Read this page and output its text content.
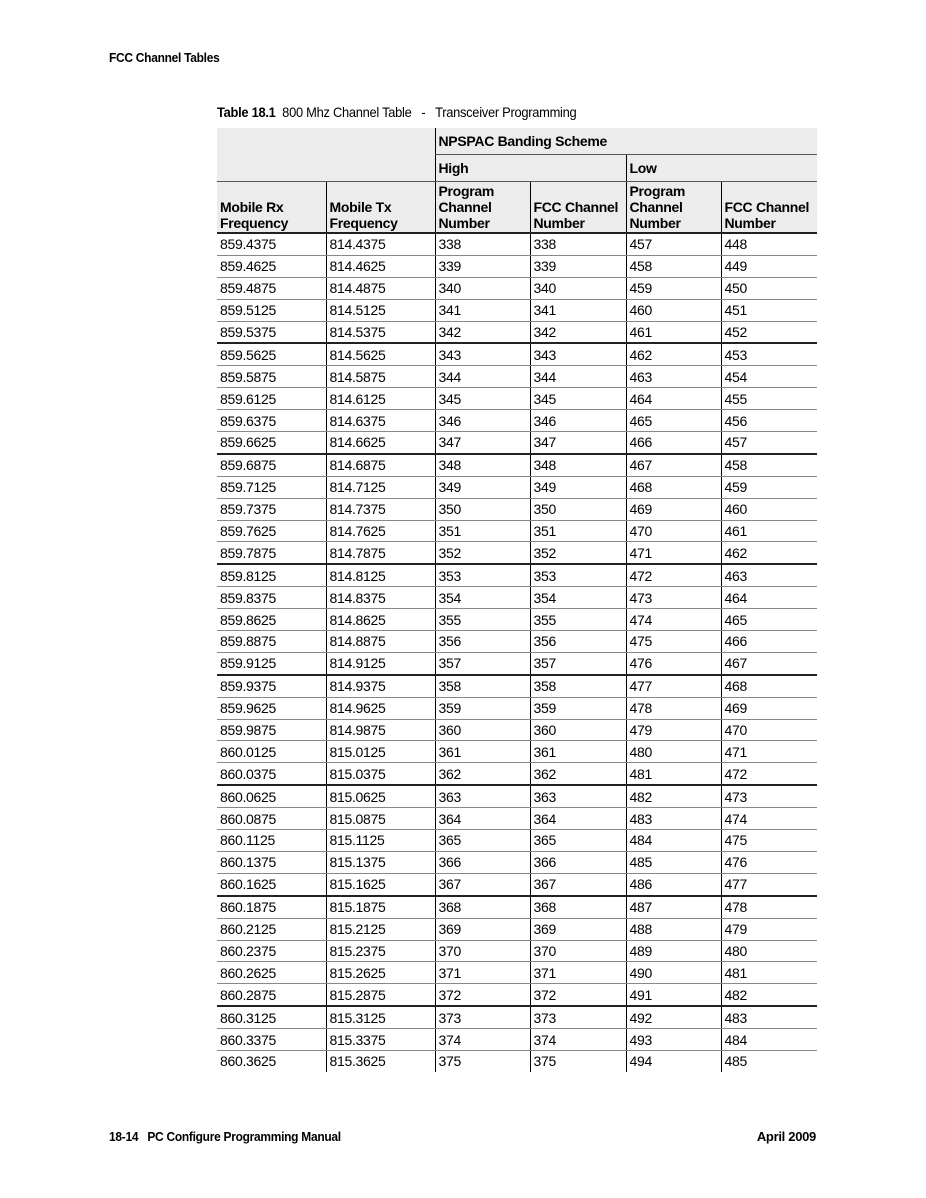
FCC Channel Tables
Table 18.1  800 Mhz Channel Table   -   Transceiver Programming
		NPSPAC Banding Scheme			
		High		Low	
Mobile Rx Frequency	Mobile Tx Frequency	Program Channel Number	FCC Channel Number	Program Channel Number	FCC Channel Number
859.4375	814.4375	338	338	457	448
859.4625	814.4625	339	339	458	449
859.4875	814.4875	340	340	459	450
859.5125	814.5125	341	341	460	451
859.5375	814.5375	342	342	461	452
859.5625	814.5625	343	343	462	453
859.5875	814.5875	344	344	463	454
859.6125	814.6125	345	345	464	455
859.6375	814.6375	346	346	465	456
859.6625	814.6625	347	347	466	457
859.6875	814.6875	348	348	467	458
859.7125	814.7125	349	349	468	459
859.7375	814.7375	350	350	469	460
859.7625	814.7625	351	351	470	461
859.7875	814.7875	352	352	471	462
859.8125	814.8125	353	353	472	463
859.8375	814.8375	354	354	473	464
859.8625	814.8625	355	355	474	465
859.8875	814.8875	356	356	475	466
859.9125	814.9125	357	357	476	467
859.9375	814.9375	358	358	477	468
859.9625	814.9625	359	359	478	469
859.9875	814.9875	360	360	479	470
860.0125	815.0125	361	361	480	471
860.0375	815.0375	362	362	481	472
860.0625	815.0625	363	363	482	473
860.0875	815.0875	364	364	483	474
860.1125	815.1125	365	365	484	475
860.1375	815.1375	366	366	485	476
860.1625	815.1625	367	367	486	477
860.1875	815.1875	368	368	487	478
860.2125	815.2125	369	369	488	479
860.2375	815.2375	370	370	489	480
860.2625	815.2625	371	371	490	481
860.2875	815.2875	372	372	491	482
860.3125	815.3125	373	373	492	483
860.3375	815.3375	374	374	493	484
860.3625	815.3625	375	375	494	485
18-14 PC Configure Programming Manual	April 2009
